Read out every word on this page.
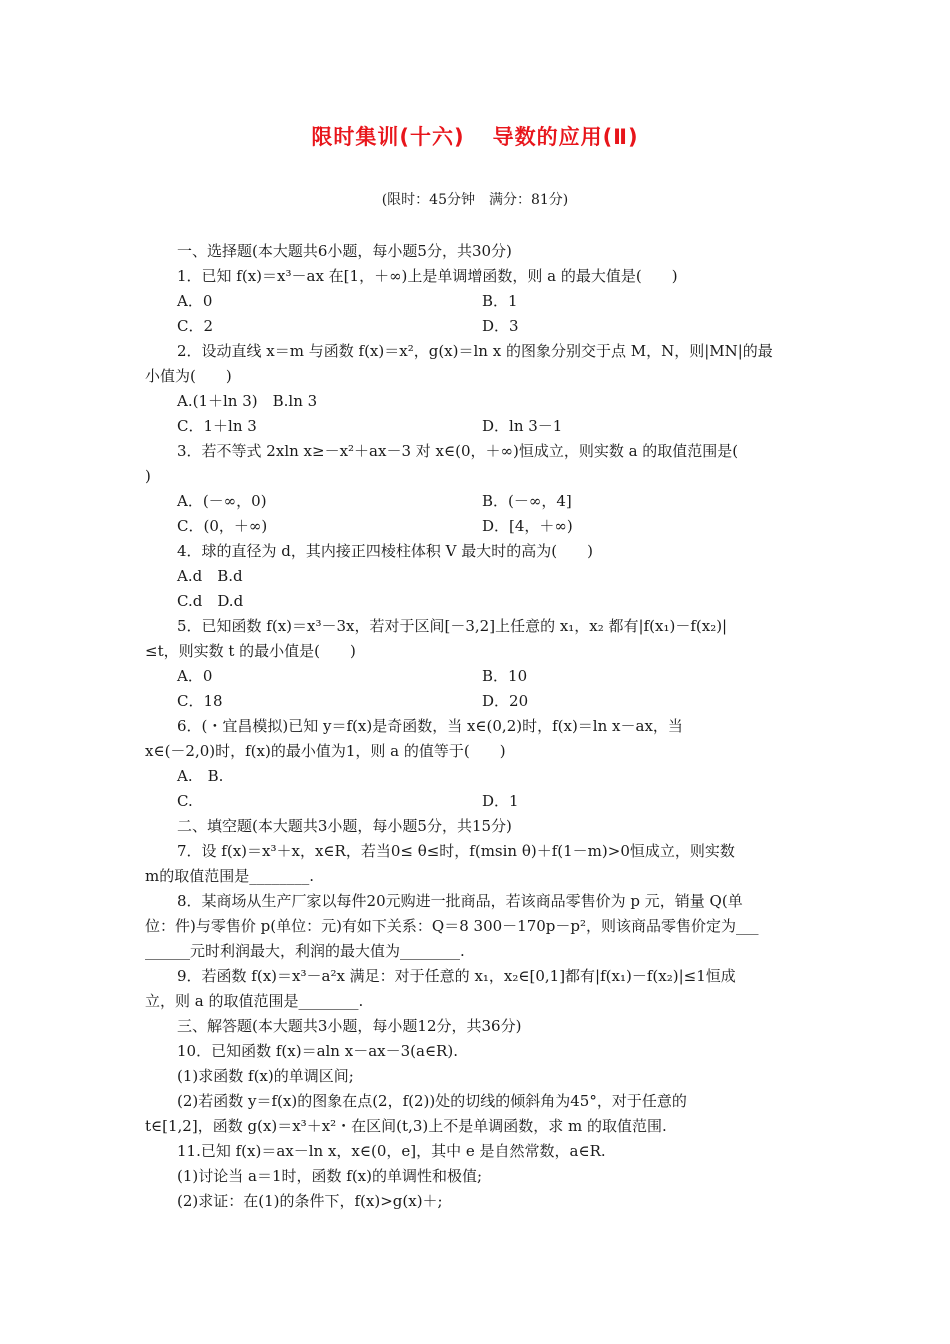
限时集训(十六) 导数的应用(Ⅱ)
(限时：45分钟　满分：81分)
一、选择题(本大题共6小题，每小题5分，共30分)
1．已知 f(x)＝x³－ax 在[1，＋∞)上是单调增函数，则 a 的最大值是(　　)
A．0	B．1
C．2	D．3
2．设动直线 x＝m 与函数 f(x)＝x²，g(x)＝ln x 的图象分别交于点 M，N，则|MN|的最
小值为(　　)
A.(1＋ln 3)　B.ln 3
C．1＋ln 3	D．ln 3－1
3．若不等式 2xln x≥－x²＋ax－3 对 x∈(0，＋∞)恒成立，则实数 a 的取值范围是(
)
A．(－∞，0)	B．(－∞，4]
C．(0，＋∞)	D．[4，＋∞)
4．球的直径为 d，其内接正四棱柱体积 V 最大时的高为(　　)
A.d　B.d
C.d　D.d
5．已知函数 f(x)＝x³－3x，若对于区间[－3,2]上任意的 x₁，x₂ 都有|f(x₁)－f(x₂)|
≤t，则实数 t 的最小值是(　　)
A．0	B．10
C．18	D．20
6．(・宜昌模拟)已知 y＝f(x)是奇函数，当 x∈(0,2)时，f(x)＝ln x－ax，当
x∈(－2,0)时，f(x)的最小值为1，则 a 的值等于(　　)
A.　B.
C.	D．1
二、填空题(本大题共3小题，每小题5分，共15分)
7．设 f(x)＝x³＋x，x∈R，若当0≤ θ≤时，f(msin θ)＋f(1－m)>0恒成立，则实数
m的取值范围是________.
8．某商场从生产厂家以每件20元购进一批商品，若该商品零售价为 p 元，销量 Q(单
位：件)与零售价 p(单位：元)有如下关系：Q＝8 300－170p－p²，则该商品零售价定为___
______元时利润最大，利润的最大值为________.
9．若函数 f(x)＝x³－a²x 满足：对于任意的 x₁，x₂∈[0,1]都有|f(x₁)－f(x₂)|≤1恒成
立，则 a 的取值范围是________.
三、解答题(本大题共3小题，每小题12分，共36分)
10．已知函数 f(x)＝aln x－ax－3(a∈R).
(1)求函数 f(x)的单调区间;
(2)若函数 y＝f(x)的图象在点(2，f(2))处的切线的倾斜角为45°，对于任意的
t∈[1,2]，函数 g(x)＝x³＋x²・在区间(t,3)上不是单调函数，求 m 的取值范围.
11.已知 f(x)＝ax－ln x，x∈(0，e]，其中 e 是自然常数，a∈R.
(1)讨论当 a＝1时，函数 f(x)的单调性和极值;
(2)求证：在(1)的条件下，f(x)>g(x)＋;
